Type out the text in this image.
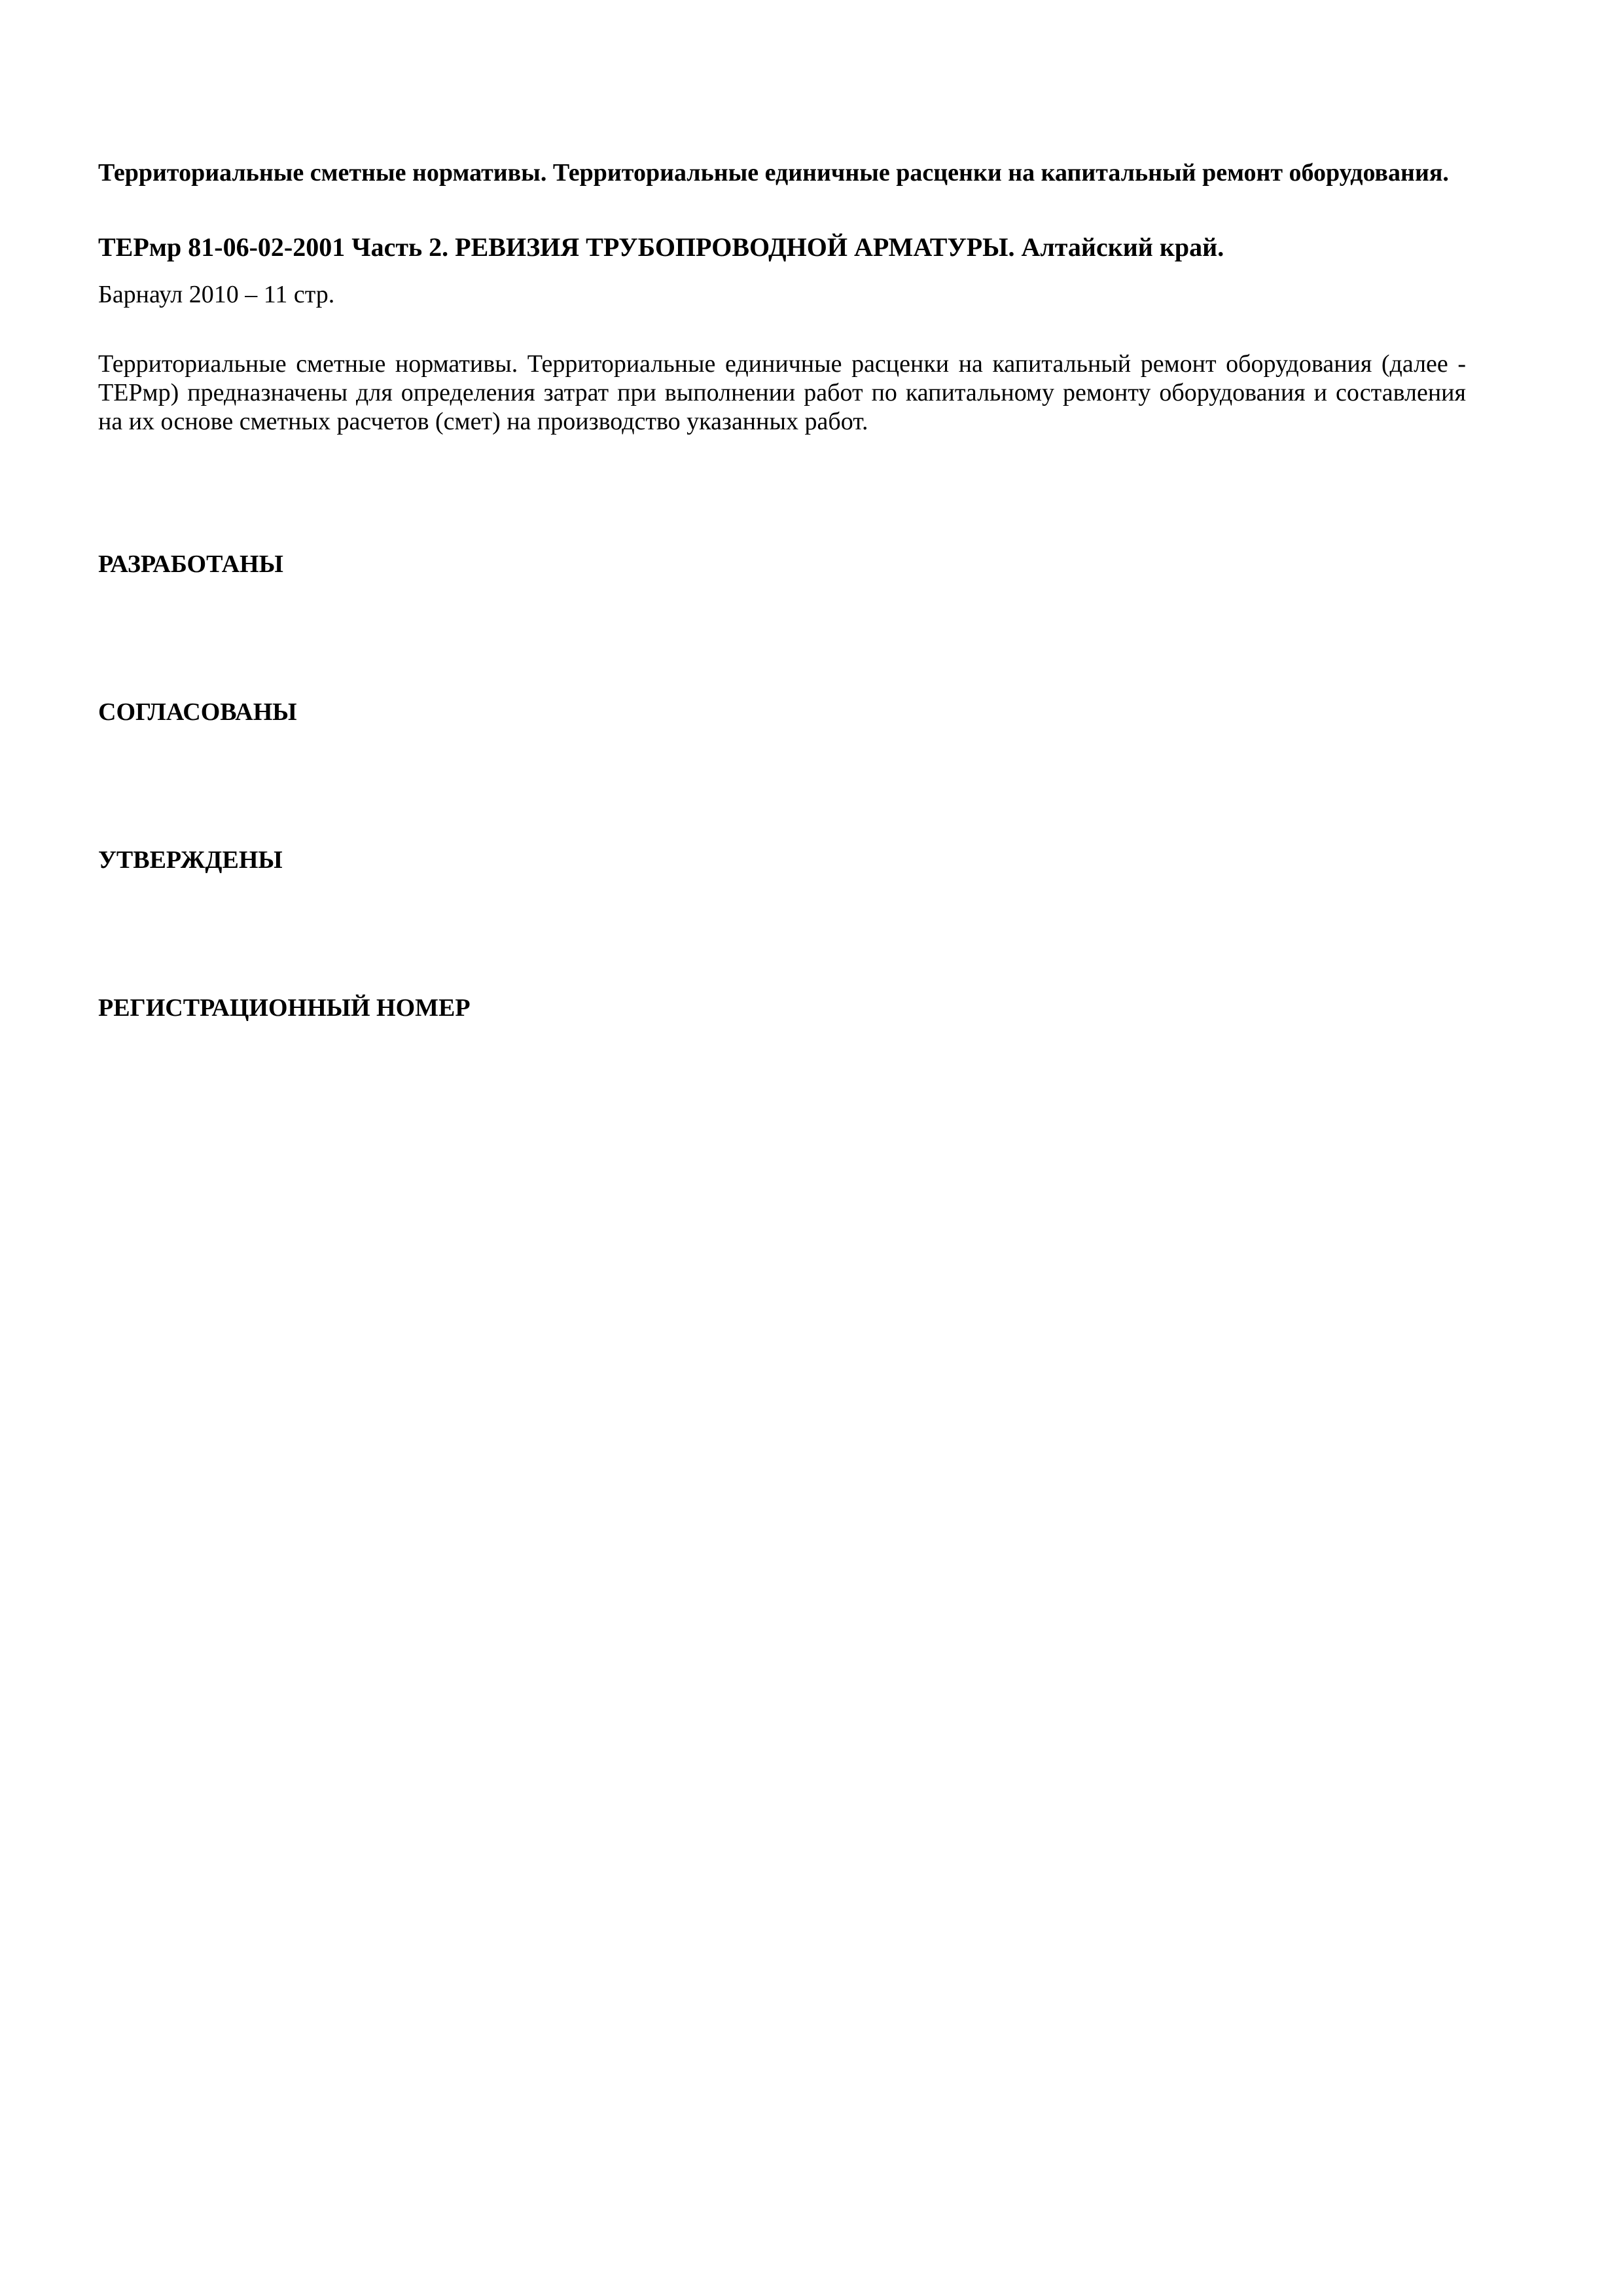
Территориальные сметные нормативы. Территориальные единичные расценки на капитальный ремонт оборудования.

ТЕРмр 81-06-02-2001 Часть 2. РЕВИЗИЯ ТРУБОПРОВОДНОЙ АРМАТУРЫ. Алтайский край.

Барнаул 2010 – 11 стр.

Территориальные сметные нормативы. Территориальные единичные расценки на капитальный ремонт оборудования (далее - ТЕРмр) предназначены для определения затрат при выполнении работ по капитальному ремонту оборудования и составления на их основе сметных расчетов (смет) на производство указанных работ.

РАЗРАБОТАНЫ

СОГЛАСОВАНЫ

УТВЕРЖДЕНЫ

РЕГИСТРАЦИОННЫЙ НОМЕР
